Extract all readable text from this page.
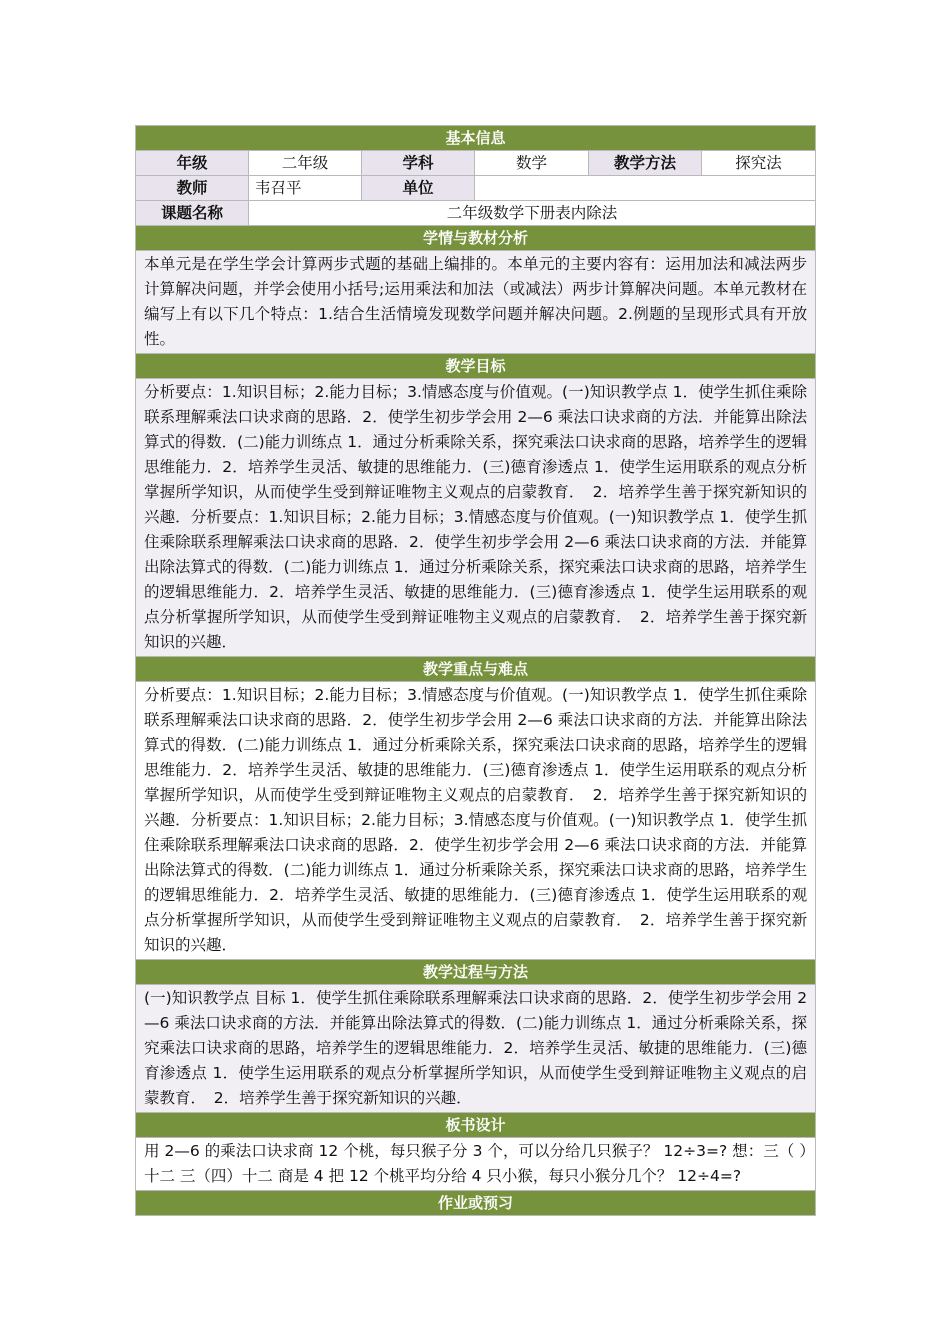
基本信息					
年级	二年级	学科	数学	教学方法	探究法
教师	韦召平	单位			
课题名称	二年级数学下册表内除法				
学情与教材分析					
本单元是在学生学会计算两步式题的基础上编排的。本单元的主要内容有：运用加法和减法两步计算解决问题，并学会使用小括号;运用乘法和加法（或减法）两步计算解决问题。本单元教材在编写上有以下几个特点：1.结合生活情境发现数学问题并解决问题。2.例题的呈现形式具有开放性。					
教学目标					
分析要点：1.知识目标；2.能力目标；3.情感态度与价值观。(一)知识教学点 1．使学生抓住乘除联系理解乘法口诀求商的思路．2．使学生初步学会用 2—6 乘法口诀求商的方法．并能算出除法算式的得数．(二)能力训练点 1．通过分析乘除关系，探究乘法口诀求商的思路，培养学生的逻辑思维能力．2．培养学生灵活、敏捷的思维能力．(三)德育渗透点 1．使学生运用联系的观点分析掌握所学知识，从而使学生受到辩证唯物主义观点的启蒙教育．　2．培养学生善于探究新知识的兴趣．分析要点：1.知识目标；2.能力目标；3.情感态度与价值观。(一)知识教学点 1．使学生抓住乘除联系理解乘法口诀求商的思路．2．使学生初步学会用 2—6 乘法口诀求商的方法．并能算出除法算式的得数．(二)能力训练点 1．通过分析乘除关系，探究乘法口诀求商的思路，培养学生的逻辑思维能力．2．培养学生灵活、敏捷的思维能力．(三)德育渗透点 1．使学生运用联系的观点分析掌握所学知识，从而使学生受到辩证唯物主义观点的启蒙教育．　2．培养学生善于探究新知识的兴趣．					
教学重点与难点					
分析要点：1.知识目标；2.能力目标；3.情感态度与价值观。(一)知识教学点 1．使学生抓住乘除联系理解乘法口诀求商的思路．2．使学生初步学会用 2—6 乘法口诀求商的方法．并能算出除法算式的得数．(二)能力训练点 1．通过分析乘除关系，探究乘法口诀求商的思路，培养学生的逻辑思维能力．2．培养学生灵活、敏捷的思维能力．(三)德育渗透点 1．使学生运用联系的观点分析掌握所学知识，从而使学生受到辩证唯物主义观点的启蒙教育．　2．培养学生善于探究新知识的兴趣．分析要点：1.知识目标；2.能力目标；3.情感态度与价值观。(一)知识教学点 1．使学生抓住乘除联系理解乘法口诀求商的思路．2．使学生初步学会用 2—6 乘法口诀求商的方法．并能算出除法算式的得数．(二)能力训练点 1．通过分析乘除关系，探究乘法口诀求商的思路，培养学生的逻辑思维能力．2．培养学生灵活、敏捷的思维能力．(三)德育渗透点 1．使学生运用联系的观点分析掌握所学知识，从而使学生受到辩证唯物主义观点的启蒙教育．　2．培养学生善于探究新知识的兴趣．					
教学过程与方法					
(一)知识教学点 目标 1．使学生抓住乘除联系理解乘法口诀求商的思路．2．使学生初步学会用 2—6 乘法口诀求商的方法．并能算出除法算式的得数．(二)能力训练点 1．通过分析乘除关系，探究乘法口诀求商的思路，培养学生的逻辑思维能力．2．培养学生灵活、敏捷的思维能力．(三)德育渗透点 1．使学生运用联系的观点分析掌握所学知识，从而使学生受到辩证唯物主义观点的启蒙教育．　2．培养学生善于探究新知识的兴趣．					
板书设计					
用 2—6 的乘法口诀求商 12 个桃，每只猴子分 3 个，可以分给几只猴子？ 12÷3=? 想：三（ ）十二 三（四）十二 商是 4 把 12 个桃平均分给 4 只小猴，每只小猴分几个？ 12÷4=?					
作业或预习					
